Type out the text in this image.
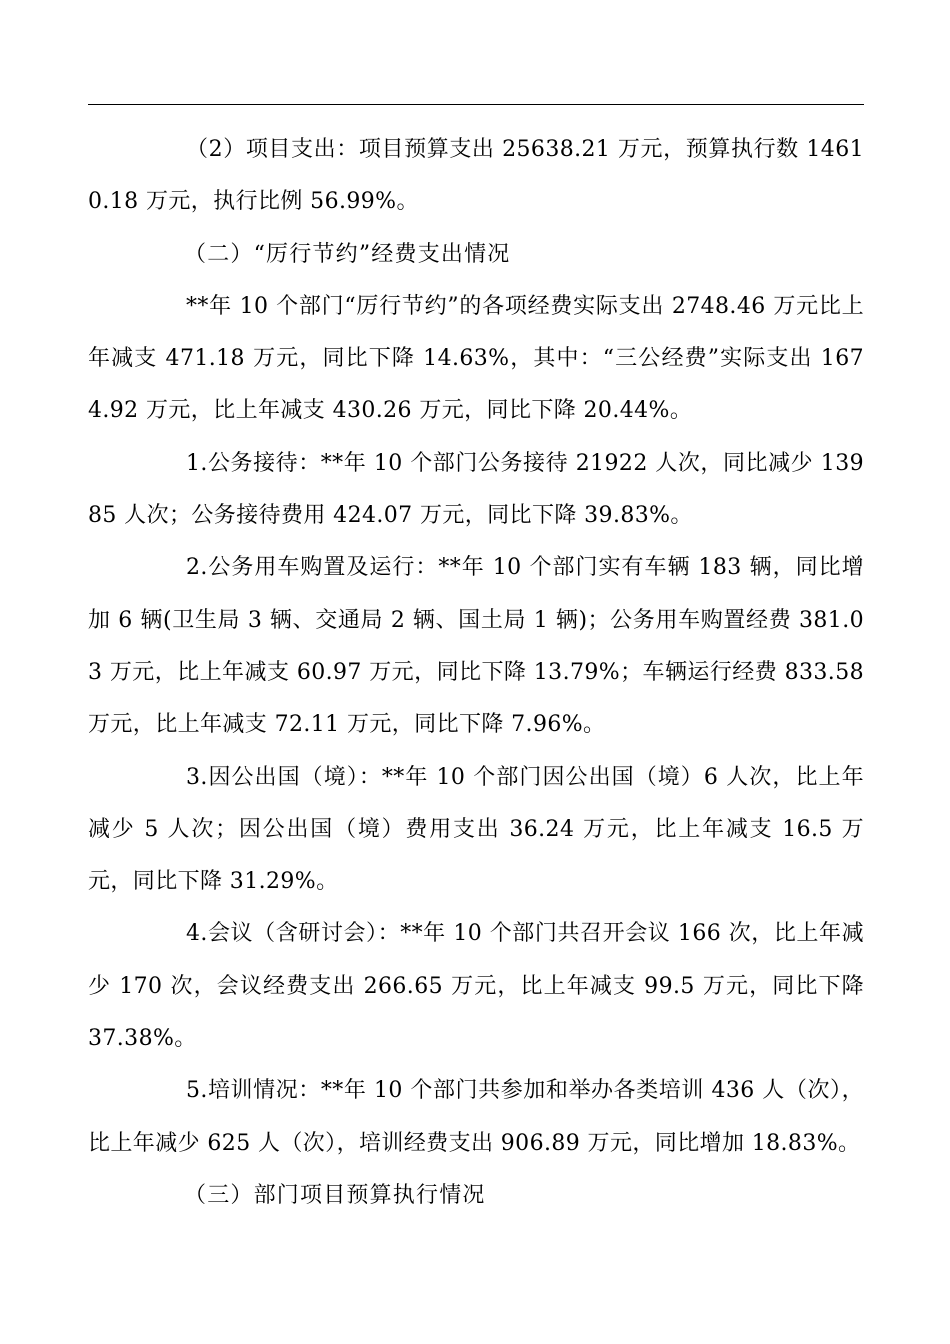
（2）项目支出：项目预算支出 25638.21 万元，预算执行数 14610.18 万元，执行比例 56.99%。

（二）“厉行节约”经费支出情况

**年 10 个部门“厉行节约”的各项经费实际支出 2748.46 万元比上年减支 471.18 万元，同比下降 14.63%，其中：“三公经费”实际支出 1674.92 万元，比上年减支 430.26 万元，同比下降 20.44%。

1.公务接待：**年 10 个部门公务接待 21922 人次，同比减少 13985 人次；公务接待费用 424.07 万元，同比下降 39.83%。

2.公务用车购置及运行：**年 10 个部门实有车辆 183 辆，同比增加 6 辆(卫生局 3 辆、交通局 2 辆、国土局 1 辆)；公务用车购置经费 381.03 万元，比上年减支 60.97 万元，同比下降 13.79%；车辆运行经费 833.58 万元，比上年减支 72.11 万元，同比下降 7.96%。

3.因公出国（境）：**年 10 个部门因公出国（境）6 人次，比上年减少 5 人次；因公出国（境）费用支出 36.24 万元，比上年减支 16.5 万元，同比下降 31.29%。

4.会议（含研讨会）：**年 10 个部门共召开会议 166 次，比上年减少 170 次，会议经费支出 266.65 万元，比上年减支 99.5 万元，同比下降 37.38%。

5.培训情况：**年 10 个部门共参加和举办各类培训 436 人（次），比上年减少 625 人（次），培训经费支出 906.89 万元，同比增加 18.83%。

（三）部门项目预算执行情况
